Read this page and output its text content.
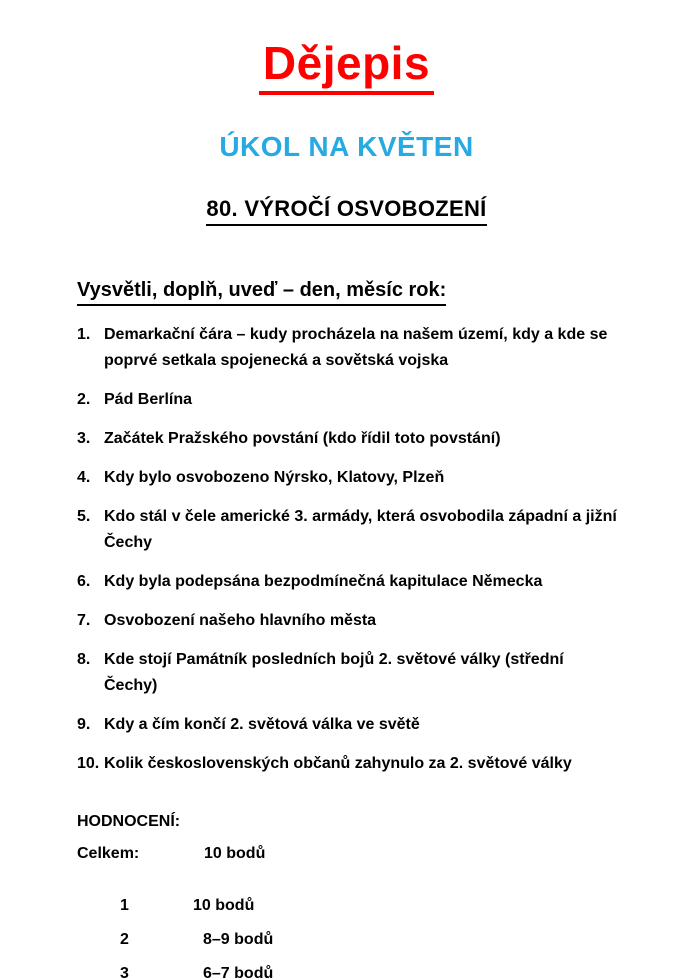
Dějepis
ÚKOL NA KVĚTEN
80. VÝROČÍ OSVOBOZENÍ
Vysvětli, doplň, uveď – den, měsíc rok:
1. Demarkační čára – kudy procházela na našem území, kdy a kde se poprvé setkala spojenecká a sovětská vojska
2. Pád Berlína
3. Začátek Pražského povstání (kdo řídil toto povstání)
4. Kdy bylo osvobozeno Nýrsko, Klatovy, Plzeň
5. Kdo stál v čele americké 3. armády, která osvobodila západní a jižní Čechy
6. Kdy byla podepsána bezpodmínečná kapitulace Německa
7. Osvobození našeho hlavního města
8. Kde stojí Památník posledních bojů 2. světové války (střední Čechy)
9. Kdy a čím končí 2. světová válka ve světě
10. Kolik československých občanů zahynulo za 2. světové války
HODNOCENÍ:
Celkem:	10 bodů
1	10 bodů
2	8–9 bodů
3	6–7 bodů
